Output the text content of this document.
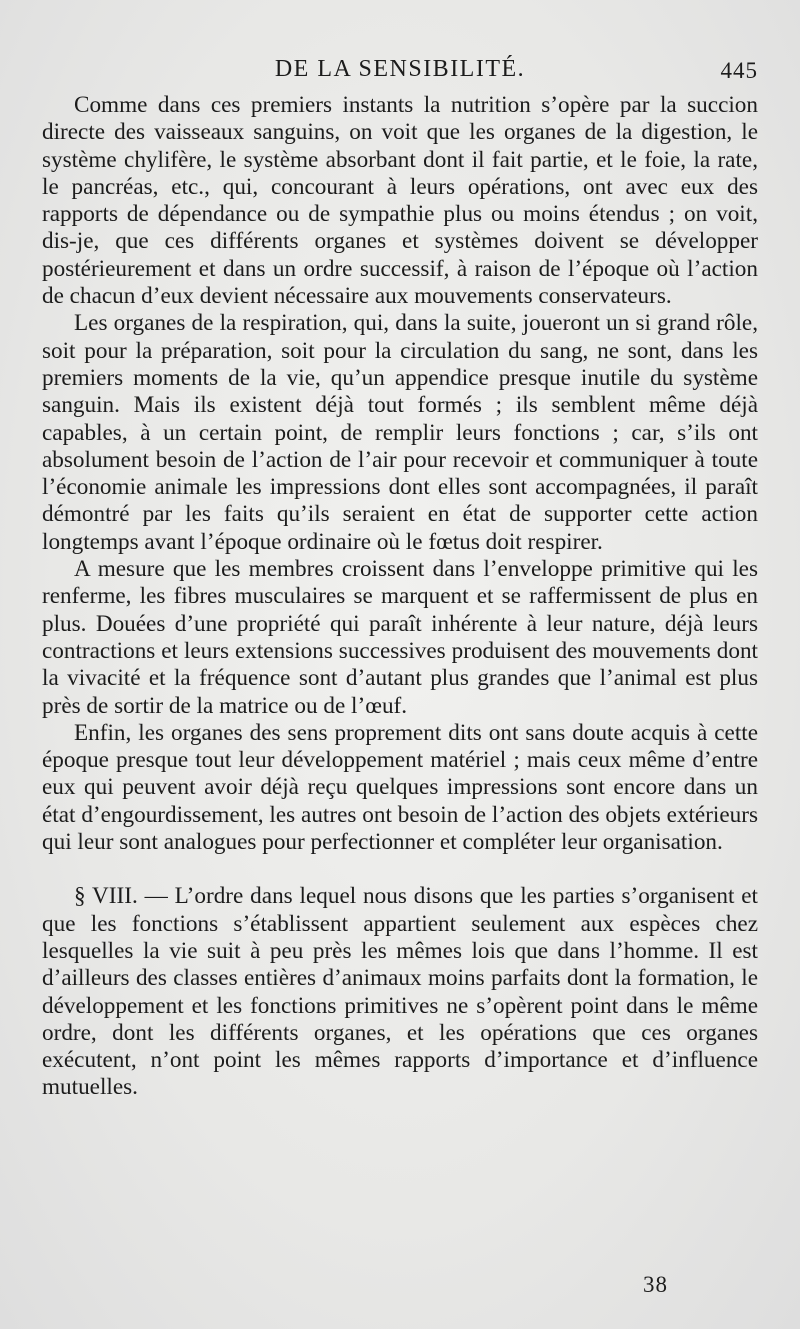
DE LA SENSIBILITÉ.	445

Comme dans ces premiers instants la nutrition s’opère par la succion directe des vaisseaux sanguins, on voit que les organes de la digestion, le système chylifère, le système absorbant dont il fait partie, et le foie, la rate, le pancréas, etc., qui, concourant à leurs opérations, ont avec eux des rapports de dépendance ou de sympathie plus ou moins étendus ; on voit, dis-je, que ces différents organes et systèmes doivent se développer postérieurement et dans un ordre successif, à raison de l’époque où l’action de chacun d’eux devient nécessaire aux mouvements conservateurs.

Les organes de la respiration, qui, dans la suite, joueront un si grand rôle, soit pour la préparation, soit pour la circulation du sang, ne sont, dans les premiers moments de la vie, qu’un appendice presque inutile du système sanguin. Mais ils existent déjà tout formés ; ils semblent même déjà capables, à un certain point, de remplir leurs fonctions ; car, s’ils ont absolument besoin de l’action de l’air pour recevoir et communiquer à toute l’économie animale les impressions dont elles sont accompagnées, il paraît démontré par les faits qu’ils seraient en état de supporter cette action longtemps avant l’époque ordinaire où le fœtus doit respirer.

A mesure que les membres croissent dans l’enveloppe primitive qui les renferme, les fibres musculaires se marquent et se raffermissent de plus en plus. Douées d’une propriété qui paraît inhérente à leur nature, déjà leurs contractions et leurs extensions successives produisent des mouvements dont la vivacité et la fréquence sont d’autant plus grandes que l’animal est plus près de sortir de la matrice ou de l’œuf.

Enfin, les organes des sens proprement dits ont sans doute acquis à cette époque presque tout leur développement matériel ; mais ceux même d’entre eux qui peuvent avoir déjà reçu quelques impressions sont encore dans un état d’engourdissement, les autres ont besoin de l’action des objets extérieurs qui leur sont analogues pour perfectionner et compléter leur organisation.

§ VIII. — L’ordre dans lequel nous disons que les parties s’organisent et que les fonctions s’établissent appartient seulement aux espèces chez lesquelles la vie suit à peu près les mêmes lois que dans l’homme. Il est d’ailleurs des classes entières d’animaux moins parfaits dont la formation, le développement et les fonctions primitives ne s’opèrent point dans le même ordre, dont les différents organes, et les opérations que ces organes exécutent, n’ont point les mêmes rapports d’importance et d’influence mutuelles.

38
